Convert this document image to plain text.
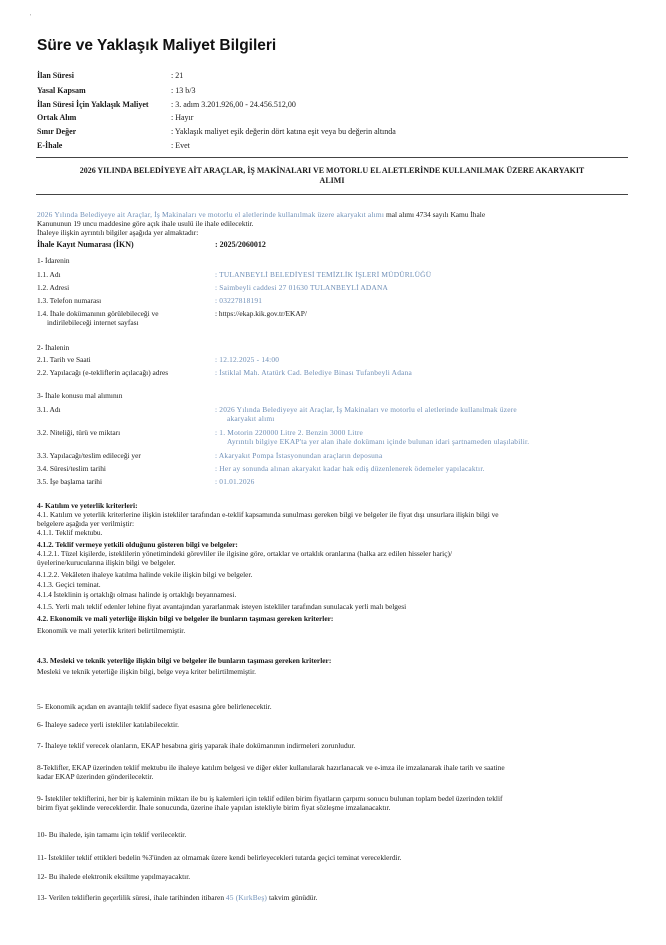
'
Süre ve Yaklaşık Maliyet Bilgileri
İlan Süresi	: 21
Yasal Kapsam	: 13 b/3
İlan Süresi İçin Yaklaşık Maliyet	: 3. adım 3.201.926,00 - 24.456.512,00
Ortak Alım	: Hayır
Sınır Değer	: Yaklaşık maliyet eşik değerin dört katına eşit veya bu değerin altında
E-İhale	: Evet
2026 YILINDA BELEDİYEYE AİT ARAÇLAR, İŞ MAKİNALARI VE MOTORLU EL ALETLERİNDE KULLANILMAK ÜZERE AKARYAKIT
ALIMI
2026 Yılında Belediyeye ait Araçlar, İş Makinaları ve motorlu el aletlerinde kullanılmak üzere akaryakıt alımı mal alımı 4734 sayılı Kamu İhale
Kanununun 19 uncu maddesine göre açık ihale usulü ile ihale edilecektir.
İhaleye ilişkin ayrıntılı bilgiler aşağıda yer almaktadır:
İhale Kayıt Numarası (İKN)	: 2025/2060012
1- İdarenin
1.1. Adı	: TULANBEYLİ BELEDİYESİ TEMİZLİK İŞLERİ MÜDÜRLÜĞÜ
1.2. Adresi	: Saimbeyli caddesi 27 01630 TULANBEYLİ ADANA
1.3. Telefon numarası	: 03227818191
1.4. İhale dokümanının görülebileceği ve
indirilebileceği internet sayfası
: https://ekap.kik.gov.tr/EKAP/
2- İhalenin
2.1. Tarih ve Saati	: 12.12.2025 - 14:00
2.2. Yapılacağı (e-tekliflerin açılacağı) adres	: İstiklal Mah. Atatürk Cad. Belediye Binası Tufanbeyli Adana
3- İhale konusu mal alımının
3.1. Adı	: 2026 Yılında Belediyeye ait Araçlar, İş Makinaları ve motorlu el aletlerinde kullanılmak üzere
akaryakıt alımı
3.2. Niteliği, türü ve miktarı	: 1. Motorin 220000 Litre 2. Benzin 3000 Litre
Ayrıntılı bilgiye EKAP'ta yer alan ihale dokümanı içinde bulunan idari şartnameden ulaşılabilir.
3.3. Yapılacağı/teslim edileceği yer	: Akaryakıt Pompa İstasyonundan araçların deposuna
3.4. Süresi/teslim tarihi	: Her ay sonunda alınan akaryakıt kadar hak ediş düzenlenerek ödemeler yapılacaktır.
3.5. İşe başlama tarihi	: 01.01.2026
4- Katılım ve yeterlik kriterleri:
4.1. Katılım ve yeterlik kriterlerine ilişkin istekliler tarafından e-teklif kapsamında sunulması gereken bilgi ve belgeler ile fiyat dışı unsurlara ilişkin bilgi ve
belgelere aşağıda yer verilmiştir:
4.1.1. Teklif mektubu.
4.1.2. Teklif vermeye yetkili olduğunu gösteren bilgi ve belgeler:
4.1.2.1. Tüzel kişilerde, isteklilerin yönetimindeki görevliler ile ilgisine göre, ortaklar ve ortaklık oranlarına (halka arz edilen hisseler hariç)/
üyelerine/kurucularına ilişkin bilgi ve belgeler.
4.1.2.2. Vekâleten ihaleye katılma halinde vekile ilişkin bilgi ve belgeler.
4.1.3. Geçici teminat.
4.1.4 İsteklinin iş ortaklığı olması halinde iş ortaklığı beyannamesi.
4.1.5. Yerli malı teklif edenler lehine fiyat avantajından yararlanmak isteyen istekliler tarafından sunulacak yerli malı belgesi
4.2. Ekonomik ve mali yeterliğe ilişkin bilgi ve belgeler ile bunların taşıması gereken kriterler:
Ekonomik ve mali yeterlik kriteri belirtilmemiştir.
4.3. Mesleki ve teknik yeterliğe ilişkin bilgi ve belgeler ile bunların taşıması gereken kriterler:
Mesleki ve teknik yeterliğe ilişkin bilgi, belge veya kriter belirtilmemiştir.
5- Ekonomik açıdan en avantajlı teklif sadece fiyat esasına göre belirlenecektir.
6- İhaleye sadece yerli istekliler katılabilecektir.
7- İhaleye teklif verecek olanların, EKAP hesabına giriş yaparak ihale dokümanının indirmeleri zorunludur.
8-Teklifler, EKAP üzerinden teklif mektubu ile ihaleye katılım belgesi ve diğer ekler kullanılarak hazırlanacak ve e-imza ile imzalanarak ihale tarih ve saatine
kadar EKAP üzerinden gönderilecektir.
9- İstekliler tekliflerini, her bir iş kaleminin miktarı ile bu iş kalemleri için teklif edilen birim fiyatların çarpımı sonucu bulunan toplam bedel üzerinden teklif
birim fiyat şeklinde vereceklerdir. İhale sonucunda, üzerine ihale yapılan istekliyle birim fiyat sözleşme imzalanacaktır.
10- Bu ihalede, işin tamamı için teklif verilecektir.
11- İstekliler teklif ettikleri bedelin %3'ünden az olmamak üzere kendi belirleyecekleri tutarda geçici teminat vereceklerdir.
12- Bu ihalede elektronik eksiltme yapılmayacaktır.
13- Verilen tekliflerin geçerlilik süresi, ihale tarihinden itibaren 45 (KırkBeş) takvim günüdür.
